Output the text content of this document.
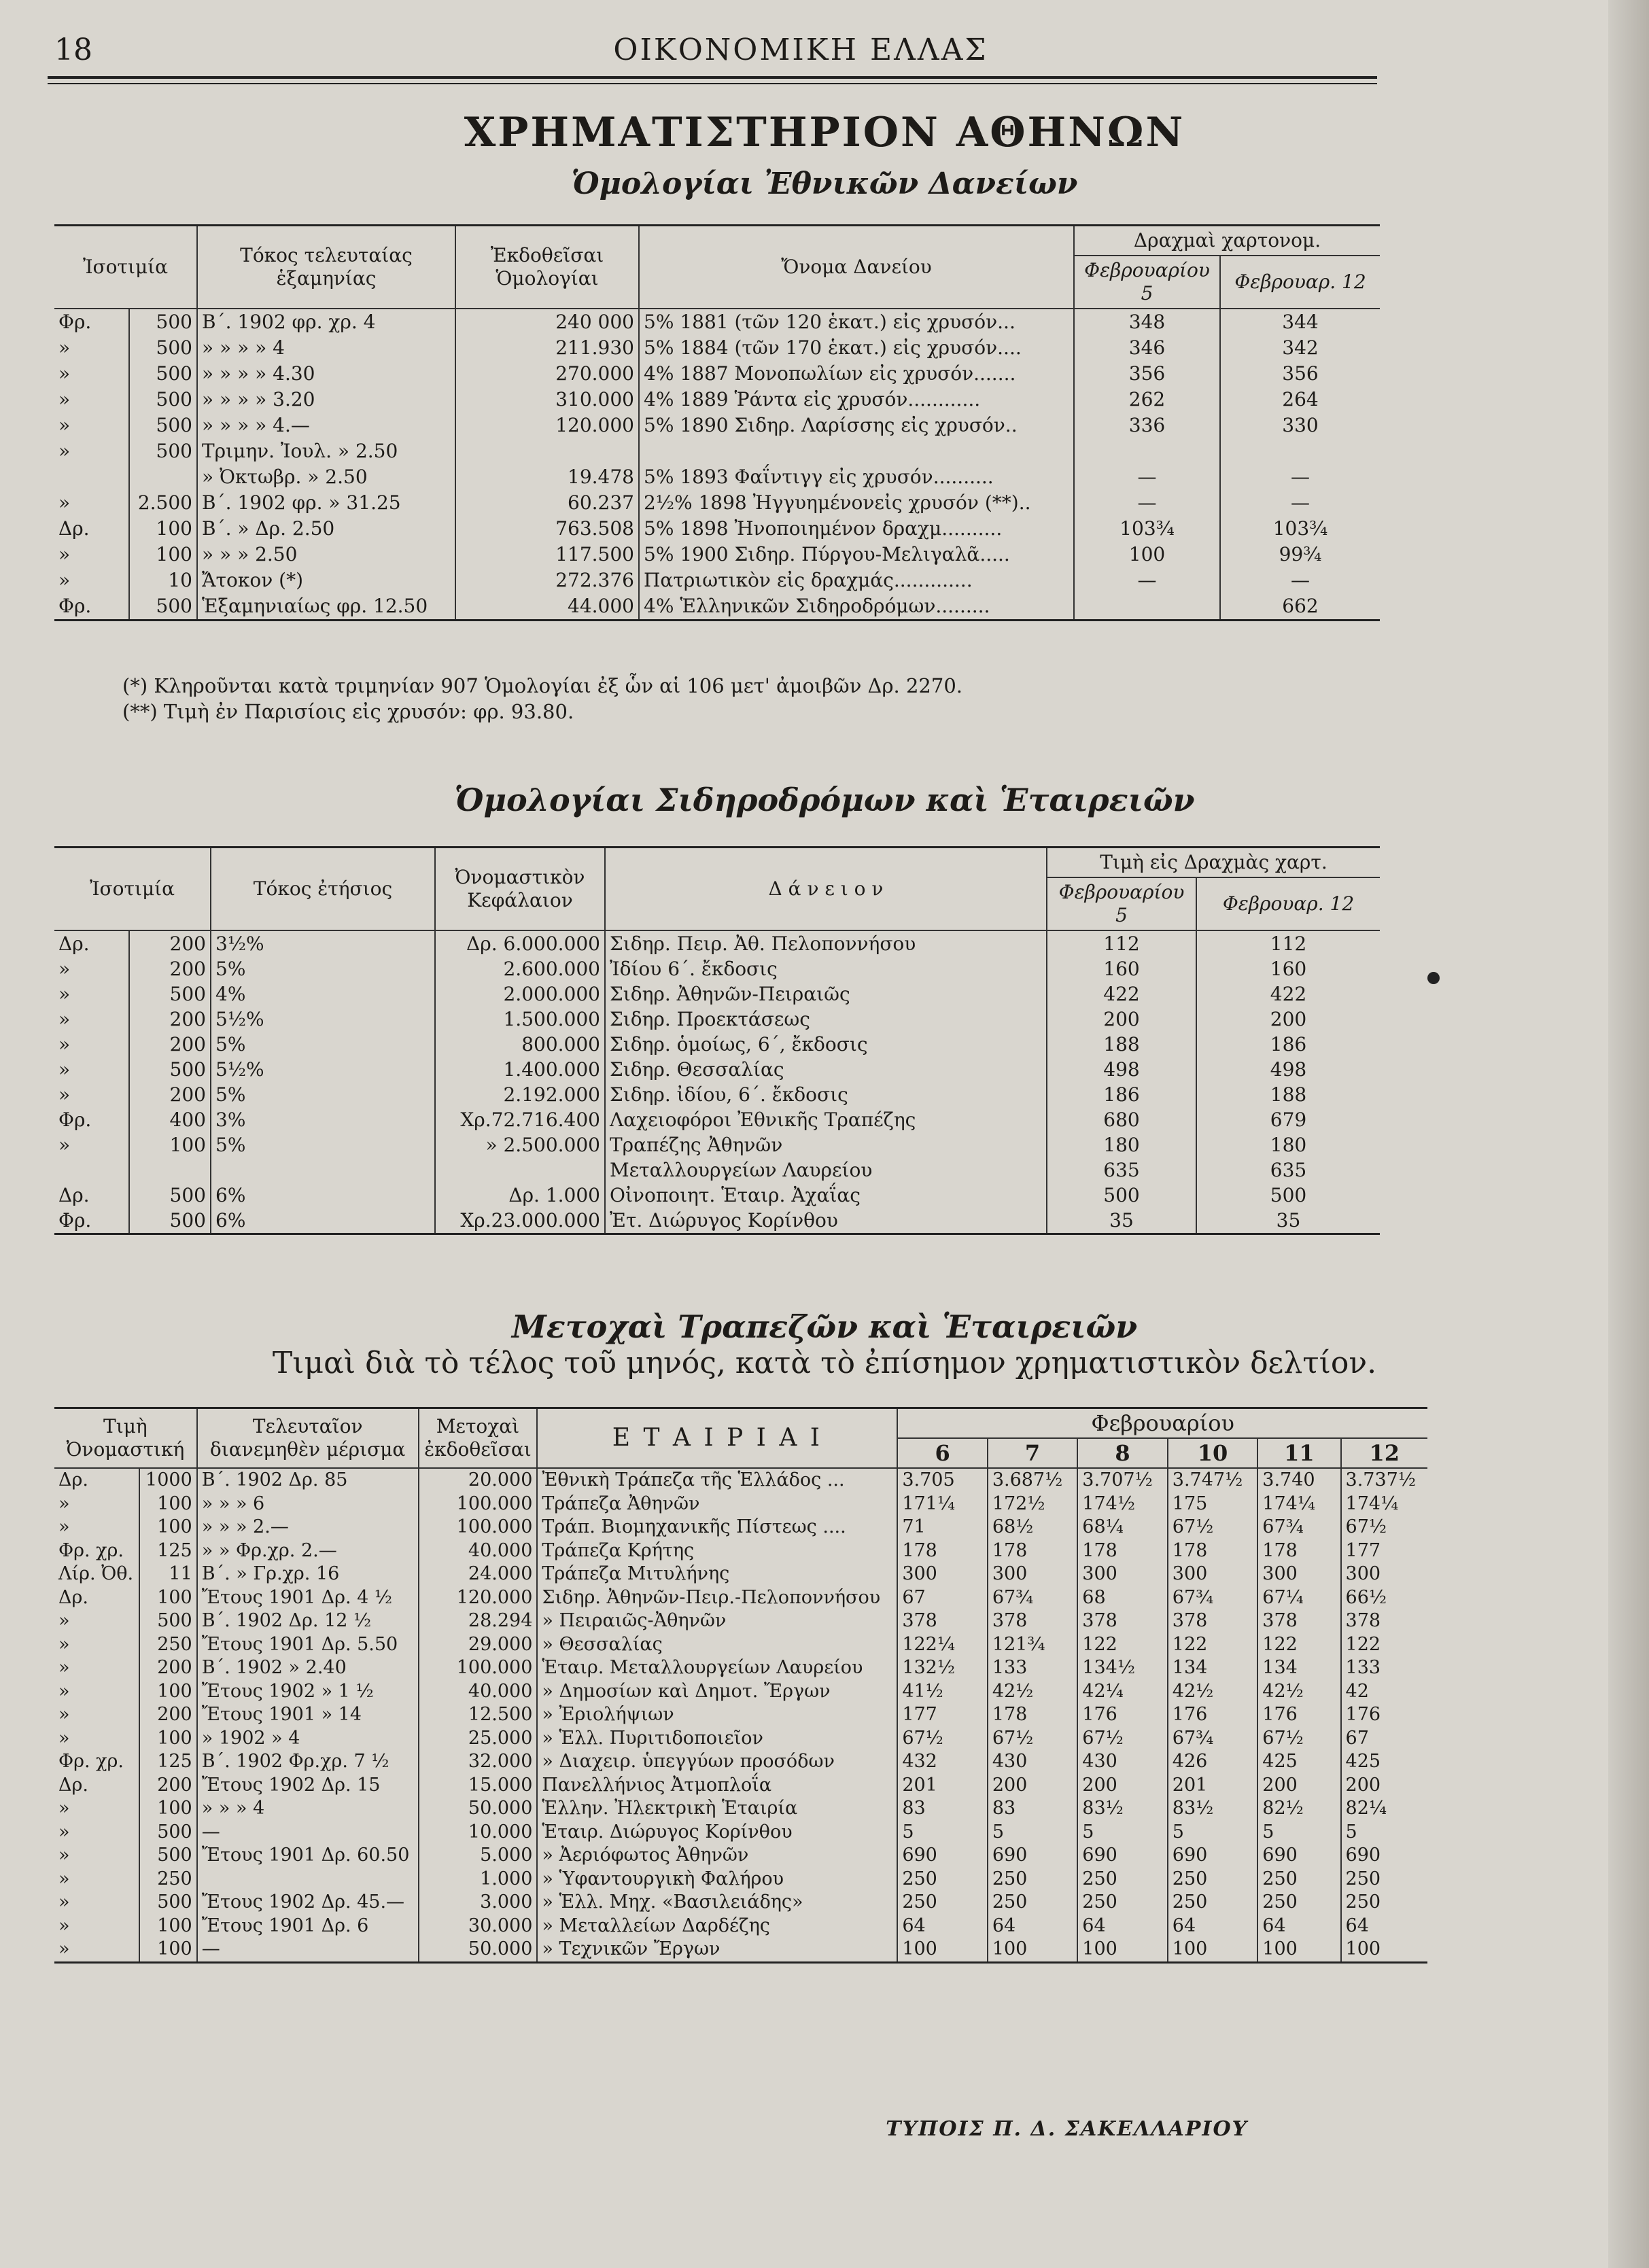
18	ΟΙΚΟΝΟΜΙΚΗ ΕΛΛΑΣ
ΧΡΗΜΑΤΙΣΤΗΡΙΟΝ ΑΘΗΝΩΝ
Ὁμολογίαι Ἐθνικῶν Δανείων
Ἰσοτιμία		Τόκος τελευταίας ἑξαμηνίας	Ἐκδοθεῖσαι Ὁμολογίαι	Ὄνομα Δανείου	Δραχμαὶ χαρτονομ.	
					Φεβρουαρίου 5	Φεβρουαρ. 12
Φρ.	500	Β΄. 1902 φρ. χρ. 4	240 000	5% 1881 (τῶν 120 ἑκατ.) εἰς χρυσόν...	348	344
»	500	» » » » 4	211.930	5% 1884 (τῶν 170 ἑκατ.) εἰς χρυσόν....	346	342
»	500	» » » » 4.30	270.000	4% 1887 Μονοπωλίων εἰς χρυσόν.......	356	356
»	500	» » » » 3.20	310.000	4% 1889 Ῥάντα εἰς χρυσόν............	262	264
»	500	» » » » 4.—	120.000	5% 1890 Σιδηρ. Λαρίσσης εἰς χρυσόν..	336	330
»	500	Τριμην. Ἰουλ. » 2.50				
		» Ὀκτωβρ. » 2.50	19.478	5% 1893 Φαΐντιγγ εἰς χρυσόν..........	—	—
»	2.500	Β΄. 1902 φρ. » 31.25	60.237	2½% 1898 Ἠγγυημένονεἰς χρυσόν (**)..	—	—
Δρ.	100	Β΄. » Δρ. 2.50	763.508	5% 1898 Ἠνοποιημένον δραχμ..........	103¾	103¾
»	100	» » » 2.50	117.500	5% 1900 Σιδηρ. Πύργου-Μελιγαλᾶ.....	100	99¾
»	10	Ἄτοκον (*)	272.376	Πατριωτικὸν εἰς δραχμάς.............	—	—
Φρ.	500	Ἑξαμηνιαίως φρ. 12.50	44.000	4% Ἑλληνικῶν Σιδηροδρόμων.........		662
(*) Κληροῦνται κατὰ τριμηνίαν 907 Ὁμολογίαι ἐξ ὧν αἱ 106 μετ' ἀμοιβῶν Δρ. 2270.
(**) Τιμὴ ἐν Παρισίοις εἰς χρυσόν: φρ. 93.80.
Ὁμολογίαι Σιδηροδρόμων καὶ Ἑταιρειῶν
Ἰσοτιμία		Τόκος ἐτήσιος	Ὀνομαστικὸν Κεφάλαιον	Δ ά ν ε ι ο ν	Τιμὴ εἰς Δραχμὰς χαρτ.	
					Φεβρουαρίου 5	Φεβρουαρ. 12
Δρ.	200	3½%	Δρ. 6.000.000	Σιδηρ. Πειρ. Ἀθ. Πελοποννήσου	112	112
»	200	5%	2.600.000	Ἰδίου 6΄. ἔκδοσις	160	160
»	500	4%	2.000.000	Σιδηρ. Ἀθηνῶν-Πειραιῶς	422	422
»	200	5½%	1.500.000	Σιδηρ. Προεκτάσεως	200	200
»	200	5%	800.000	Σιδηρ. ὁμοίως, 6΄, ἔκδοσις	188	186
»	500	5½%	1.400.000	Σιδηρ. Θεσσαλίας	498	498
»	200	5%	2.192.000	Σιδηρ. ἰδίου, 6΄. ἔκδοσις	186	188
Φρ.	400	3%	Χρ.72.716.400	Λαχειοφόροι Ἐθνικῆς Τραπέζης	680	679
»	100	5%	» 2.500.000	Τραπέζης Ἀθηνῶν	180	180
				Μεταλλουργείων Λαυρείου	635	635
Δρ.	500	6%	Δρ. 1.000	Οἰνοποιητ. Ἑταιρ. Ἀχαΐας	500	500
Φρ.	500	6%	Χρ.23.000.000	Ἐτ. Διώρυγος Κορίνθου	35	35
Μετοχαὶ Τραπεζῶν καὶ Ἑταιρειῶν
Τιμαὶ διὰ τὸ τέλος τοῦ μηνός, κατὰ τὸ ἐπίσημον χρηματιστικὸν δελτίον.
Τιμὴ Ὀνομαστική		Τελευταῖον διανεμηθὲν μέρισμα	Μετοχαὶ ἐκδοθεῖσαι	Ε Τ Α Ι Ρ Ι Α Ι	Φεβρουαρίου					
					6	7	8	10	11	12
Δρ.	1000	Β΄. 1902 Δρ. 85	20.000	Ἐθνικὴ Τράπεζα τῆς Ἑλλάδος ...	3.705	3.687½	3.707½	3.747½	3.740	3.737½
»	100	» » » 6	100.000	Τράπεζα Ἀθηνῶν	171¼	172½	174½	175	174¼	174¼
»	100	» » » 2.—	100.000	Τράπ. Βιομηχανικῆς Πίστεως ....	71	68½	68¼	67½	67¾	67½
Φρ. χρ.	125	» » Φρ.χρ. 2.—	40.000	Τράπεζα Κρήτης	178	178	178	178	178	177
Λίρ. Ὀθ.	11	Β΄. » Γρ.χρ. 16	24.000	Τράπεζα Μιτυλήνης	300	300	300	300	300	300
Δρ.	100	Ἔτους 1901 Δρ. 4 ½	120.000	Σιδηρ. Ἀθηνῶν-Πειρ.-Πελοποννήσου	67	67¾	68	67¾	67¼	66½
»	500	Β΄. 1902 Δρ. 12 ½	28.294	» Πειραιῶς-Ἀθηνῶν	378	378	378	378	378	378
»	250	Ἔτους 1901 Δρ. 5.50	29.000	» Θεσσαλίας	122¼	121¾	122	122	122	122
»	200	Β΄. 1902 » 2.40	100.000	Ἑταιρ. Μεταλλουργείων Λαυρείου	132½	133	134½	134	134	133
»	100	Ἔτους 1902 » 1 ½	40.000	» Δημοσίων καὶ Δημοτ. Ἔργων	41½	42½	42¼	42½	42½	42
»	200	Ἔτους 1901 » 14	12.500	» Ἐριολήψιων	177	178	176	176	176	176
»	100	» 1902 » 4	25.000	» Ἑλλ. Πυριτιδοποιεῖον	67½	67½	67½	67¾	67½	67
Φρ. χρ.	125	Β΄. 1902 Φρ.χρ. 7 ½	32.000	» Διαχειρ. ὑπεγγύων προσόδων	432	430	430	426	425	425
Δρ.	200	Ἔτους 1902 Δρ. 15	15.000	Πανελλήνιος Ἀτμοπλοΐα	201	200	200	201	200	200
»	100	» » » 4	50.000	Ἑλλην. Ἠλεκτρικὴ Ἑταιρία	83	83	83½	83½	82½	82¼
»	500	—	10.000	Ἑταιρ. Διώρυγος Κορίνθου	5	5	5	5	5	5
»	500	Ἔτους 1901 Δρ. 60.50	5.000	» Ἀεριόφωτος Ἀθηνῶν	690	690	690	690	690	690
»	250		1.000	» Ὑφαντουργικὴ Φαλήρου	250	250	250	250	250	250
»	500	Ἔτους 1902 Δρ. 45.—	3.000	» Ἑλλ. Μηχ. «Βασιλειάδης»	250	250	250	250	250	250
»	100	Ἔτους 1901 Δρ. 6	30.000	» Μεταλλείων Δαρδέζης	64	64	64	64	64	64
»	100	—	50.000	» Τεχνικῶν Ἔργων	100	100	100	100	100	100
ΤΥΠΟΙΣ Π. Δ. ΣΑΚΕΛΛΑΡΙΟΥ
